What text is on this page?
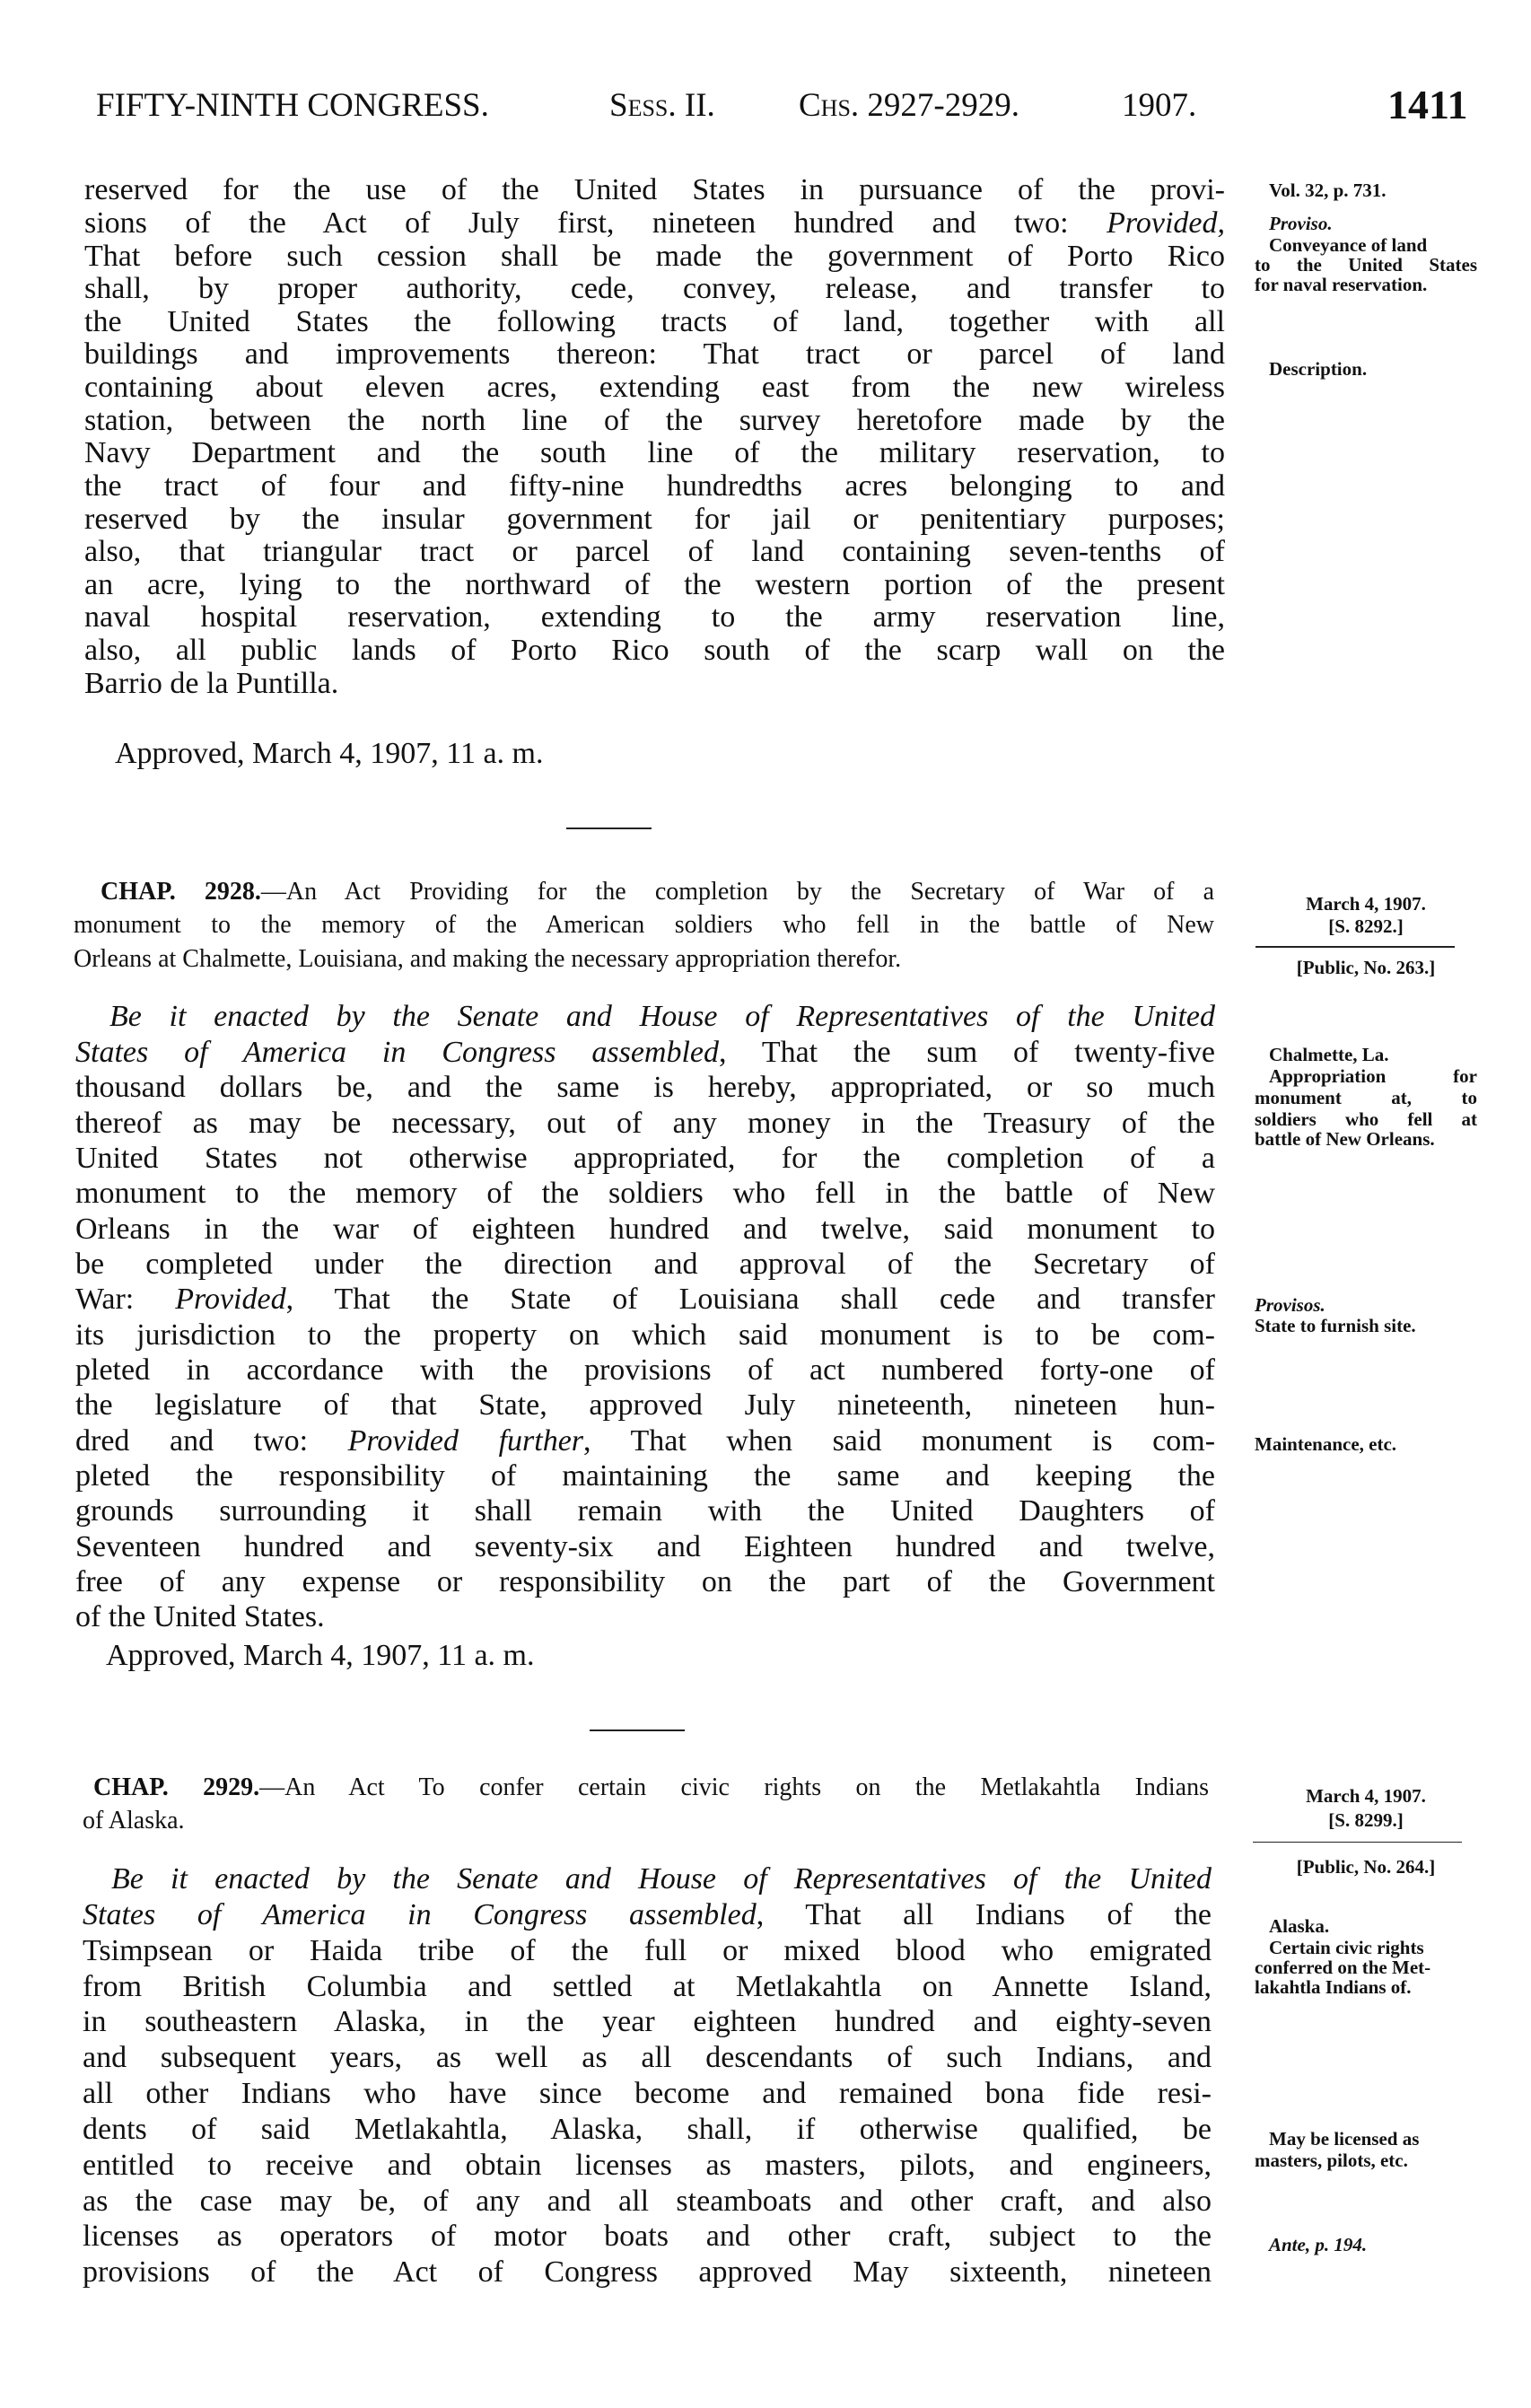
FIFTY-NINTH CONGRESS.	Sess. II.	Chs. 2927-2929.	1907.	1411
reserved for the use of the United States in pursuance of the provi-
sions of the Act of July first, nineteen hundred and two: Provided,
That before such cession shall be made the government of Porto Rico
shall, by proper authority, cede, convey, release, and transfer to
the United States the following tracts of land, together with all
buildings and improvements thereon: That tract or parcel of land
containing about eleven acres, extending east from the new wireless
station, between the north line of the survey heretofore made by the
Navy Department and the south line of the military reservation, to
the tract of four and fifty-nine hundredths acres belonging to and
reserved by the insular government for jail or penitentiary purposes;
also, that triangular tract or parcel of land containing seven-tenths of
an acre, lying to the northward of the western portion of the present
naval hospital reservation, extending to the army reservation line,
also, all public lands of Porto Rico south of the scarp wall on the
Barrio de la Puntilla.
Approved, March 4, 1907, 11 a. m.
CHAP. 2928.—An Act Providing for the completion by the Secretary of War of a
monument to the memory of the American soldiers who fell in the battle of New
Orleans at Chalmette, Louisiana, and making the necessary appropriation therefor.
Be it enacted by the Senate and House of Representatives of the United
States of America in Congress assembled, That the sum of twenty-five
thousand dollars be, and the same is hereby, appropriated, or so much
thereof as may be necessary, out of any money in the Treasury of the
United States not otherwise appropriated, for the completion of a
monument to the memory of the soldiers who fell in the battle of New
Orleans in the war of eighteen hundred and twelve, said monument to
be completed under the direction and approval of the Secretary of
War: Provided, That the State of Louisiana shall cede and transfer
its jurisdiction to the property on which said monument is to be com-
pleted in accordance with the provisions of act numbered forty-one of
the legislature of that State, approved July nineteenth, nineteen hun-
dred and two: Provided further, That when said monument is com-
pleted the responsibility of maintaining the same and keeping the
grounds surrounding it shall remain with the United Daughters of
Seventeen hundred and seventy-six and Eighteen hundred and twelve,
free of any expense or responsibility on the part of the Government
of the United States.
Approved, March 4, 1907, 11 a. m.
CHAP. 2929.—An Act To confer certain civic rights on the Metlakahtla Indians
of Alaska.
Be it enacted by the Senate and House of Representatives of the United
States of America in Congress assembled, That all Indians of the
Tsimpsean or Haida tribe of the full or mixed blood who emigrated
from British Columbia and settled at Metlakahtla on Annette Island,
in southeastern Alaska, in the year eighteen hundred and eighty-seven
and subsequent years, as well as all descendants of such Indians, and
all other Indians who have since become and remained bona fide resi-
dents of said Metlakahtla, Alaska, shall, if otherwise qualified, be
entitled to receive and obtain licenses as masters, pilots, and engineers,
as the case may be, of any and all steamboats and other craft, and also
licenses as operators of motor boats and other craft, subject to the
provisions of the Act of Congress approved May sixteenth, nineteen
Vol. 32, p. 731.
Proviso.
Conveyance of land
to the United States
for naval reservation.
Description.
March 4, 1907.
[S. 8292.]
[Public, No. 263.]
Chalmette, La.
Appropriation for
monument at, to
soldiers who fell at
battle of New Orleans.
Provisos.
State to furnish site.
Maintenance, etc.
March 4, 1907.
[S. 8299.]
[Public, No. 264.]
Alaska.
Certain civic rights
conferred on the Met-
lakahtla Indians of.
May be licensed as
masters, pilots, etc.
Ante, p. 194.
